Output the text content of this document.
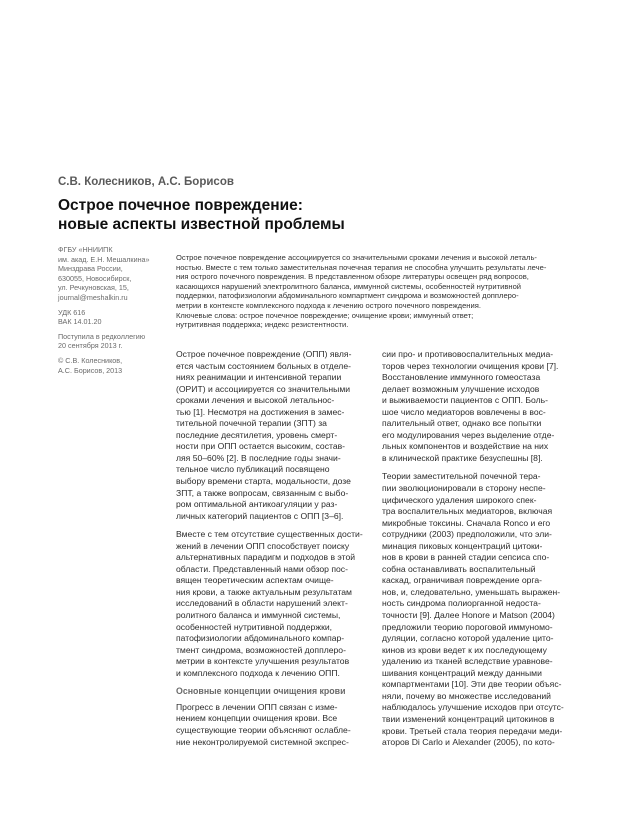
С.В. Колесников, А.С. Борисов
Острое почечное повреждение:
новые аспекты известной проблемы

ФГБУ «ННИИПК
им. акад. Е.Н. Мешалкина»
Минздрава России,
630055, Новосибирск,
ул. Речкуновская, 15,
journal@meshalkin.ru

УДК 616
ВАК 14.01.20

Поступила в редколлегию
20 сентября 2013 г.

© С.В. Колесников,
А.С. Борисов, 2013

Острое почечное повреждение ассоциируется со значительными сроками лечения и высокой леталь-
ностью. Вместе с тем только заместительная почечная терапия не способна улучшить результаты лече-
ния острого почечного повреждения. В представленном обзоре литературы освещен ряд вопросов,
касающихся нарушений электролитного баланса, иммунной системы, особенностей нутритивной
поддержки, патофизиологии абдоминального компартмент синдрома и возможностей допплеро-
метрии в контексте комплексного подхода к лечению острого почечного повреждения.
Ключевые слова: острое почечное повреждение; очищение крови; иммунный ответ;
нутритивная поддержка; индекс резистентности.

Острое почечное повреждение (ОПП) явля-
ется частым состоянием больных в отделе-
ниях реанимации и интенсивной терапии
(ОРИТ) и ассоциируется со значительными
сроками лечения и высокой летальнос-
тью [1]. Несмотря на достижения в замес-
тительной почечной терапии (ЗПТ) за
последние десятилетия, уровень смерт-
ности при ОПП остается высоким, состав-
ляя 50–60% [2]. В последние годы значи-
тельное число публикаций посвящено
выбору времени старта, модальности, дозе
ЗПТ, а также вопросам, связанным с выбо-
ром оптимальной антикоагуляции у раз-
личных категорий пациентов с ОПП [3–6].

Вместе с тем отсутствие существенных дости-
жений в лечении ОПП способствует поиску
альтернативных парадигм и подходов в этой
области. Представленный нами обзор пос-
вящен теоретическим аспектам очище-
ния крови, а также актуальным результатам
исследований в области нарушений элект-
ролитного баланса и иммунной системы,
особенностей нутритивной поддержки,
патофизиологии абдоминального компар-
тмент синдрома, возможностей допплеро-
метрии в контексте улучшения результатов
и комплексного подхода к лечению ОПП.

Основные концепции очищения крови

Прогресс в лечении ОПП связан с изме-
нением концепции очищения крови. Все
существующие теории объясняют ослабле-
ние неконтролируемой системной экспрес-

сии про- и противовоспалительных медиа-
торов через технологии очищения крови [7].
Восстановление иммунного гомеостаза
делает возможным улучшение исходов
и выживаемости пациентов с ОПП. Боль-
шое число медиаторов вовлечены в вос-
палительный ответ, однако все попытки
его модулирования через выделение отде-
льных компонентов и воздействие на них
в клинической практике безуспешны [8].

Теории заместительной почечной тера-
пии эволюционировали в сторону неспе-
цифического удаления широкого спек-
тра воспалительных медиаторов, включая
микробные токсины. Сначала Ronco и его
сотрудники (2003) предположили, что эли-
минация пиковых концентраций цитоки-
нов в крови в ранней стадии сепсиса спо-
собна останавливать воспалительный
каскад, ограничивая повреждение орга-
нов, и, следовательно, уменьшать выражен-
ность синдрома полиорганной недоста-
точности [9]. Далее Honore и Matson (2004)
предложили теорию пороговой иммуномо-
дуляции, согласно которой удаление цито-
кинов из крови ведет к их последующему
удалению из тканей вследствие уравнове-
шивания концентраций между данными
компартментами [10]. Эти две теории объяс-
няли, почему во множестве исследований
наблюдалось улучшение исходов при отсутс-
твии изменений концентраций цитокинов в
крови. Третьей стала теория передачи меди-
аторов Di Carlo и Alexander (2005), по кото-
